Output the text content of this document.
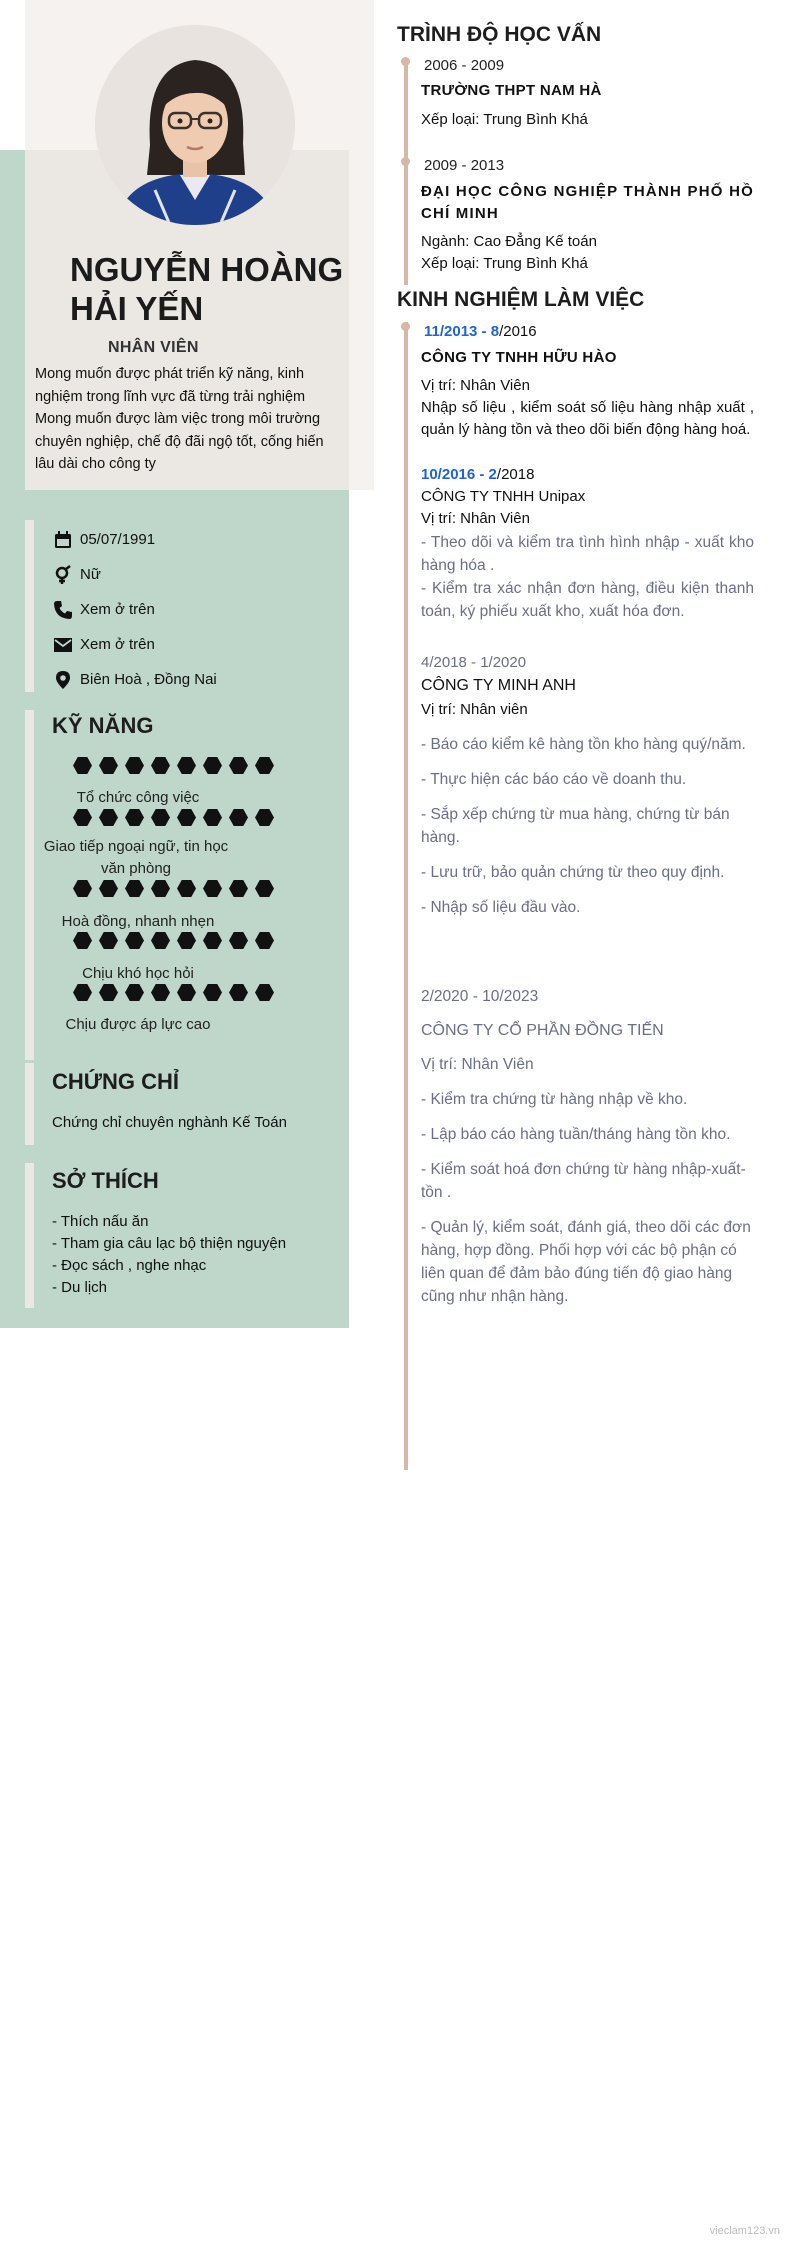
NGUYỄN HOÀNG
HẢI YẾN
NHÂN VIÊN
Mong muốn được phát triển kỹ năng, kinh nghiệm trong lĩnh vực đã từng trải nghiệm Mong muốn được làm việc trong môi trường chuyên nghiệp, chế độ đãi ngộ tốt, cống hiến lâu dài cho công ty
05/07/1991
Nữ
Xem ở trên
Xem ở trên
Biên Hoà , Đồng Nai
KỸ NĂNG
Tổ chức công việc
Giao tiếp ngoại ngữ, tin học văn phòng
Hoà đồng, nhanh nhẹn
Chịu khó học hỏi
Chịu được áp lực cao
CHỨNG CHỈ
Chứng chỉ chuyên nghành Kế Toán
SỞ THÍCH
- Thích nấu ăn
- Tham gia câu lạc bộ thiện nguyện
- Đọc sách , nghe nhạc
- Du lịch
TRÌNH ĐỘ HỌC VẤN
2006 - 2009
TRƯỜNG THPT NAM HÀ
Xếp loại: Trung Bình Khá
2009 - 2013
ĐẠI HỌC CÔNG NGHIỆP THÀNH PHỐ HỒ CHÍ MINH
Ngành: Cao Đẳng Kế toán
Xếp loại: Trung Bình Khá
KINH NGHIỆM LÀM VIỆC
11/2013 - 8/2016
CÔNG TY TNHH HỮU HÀO
Vị trí: Nhân Viên
Nhập số liệu , kiểm soát số liệu hàng nhập xuất , quản lý hàng tồn và theo dõi biến động hàng hoá.
10/2016 - 2/2018
CÔNG TY TNHH Unipax
Vị trí: Nhân Viên
- Theo dõi và kiểm tra tình hình nhập - xuất kho hàng hóa .
- Kiểm tra xác nhận đơn hàng, điều kiện thanh toán, ký phiếu xuất kho, xuất hóa đơn.
4/2018 - 1/2020
CÔNG TY MINH ANH
Vị trí: Nhân viên
- Báo cáo kiểm kê hàng tồn kho hàng quý/năm.
- Thực hiện các báo cáo về doanh thu.
- Sắp xếp chứng từ mua hàng, chứng từ bán hàng.
- Lưu trữ, bảo quản chứng từ theo quy định.
- Nhập số liệu đầu vào.
2/2020 - 10/2023
CÔNG TY CỔ PHẦN ĐỒNG TIẾN
Vị trí: Nhân Viên
- Kiểm tra chứng từ hàng nhập về kho.
- Lập báo cáo hàng tuần/tháng hàng tồn kho.
- Kiểm soát hoá đơn chứng từ hàng nhập-xuất-tồn .
- Quản lý, kiểm soát, đánh giá, theo dõi các đơn hàng, hợp đồng. Phối hợp với các bộ phận có liên quan để đảm bảo đúng tiến độ giao hàng cũng như nhận hàng.
vieclam123.vn
